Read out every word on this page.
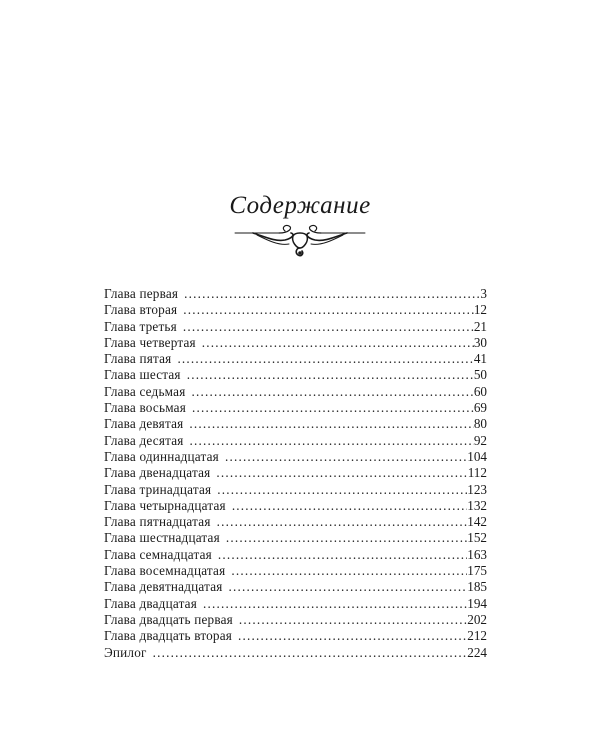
Содержание
Глава первая .....	3
Глава вторая .....	12
Глава третья .....	21
Глава четвертая .....	30
Глава пятая .....	41
Глава шестая .....	50
Глава седьмая .....	60
Глава восьмая .....	69
Глава девятая .....	80
Глава десятая .....	92
Глава одиннадцатая .....	104
Глава двенадцатая .....	112
Глава тринадцатая .....	123
Глава четырнадцатая .....	132
Глава пятнадцатая .....	142
Глава шестнадцатая .....	152
Глава семнадцатая .....	163
Глава восемнадцатая .....	175
Глава девятнадцатая .....	185
Глава двадцатая .....	194
Глава двадцать первая .....	202
Глава двадцать вторая .....	212
Эпилог .....	224
